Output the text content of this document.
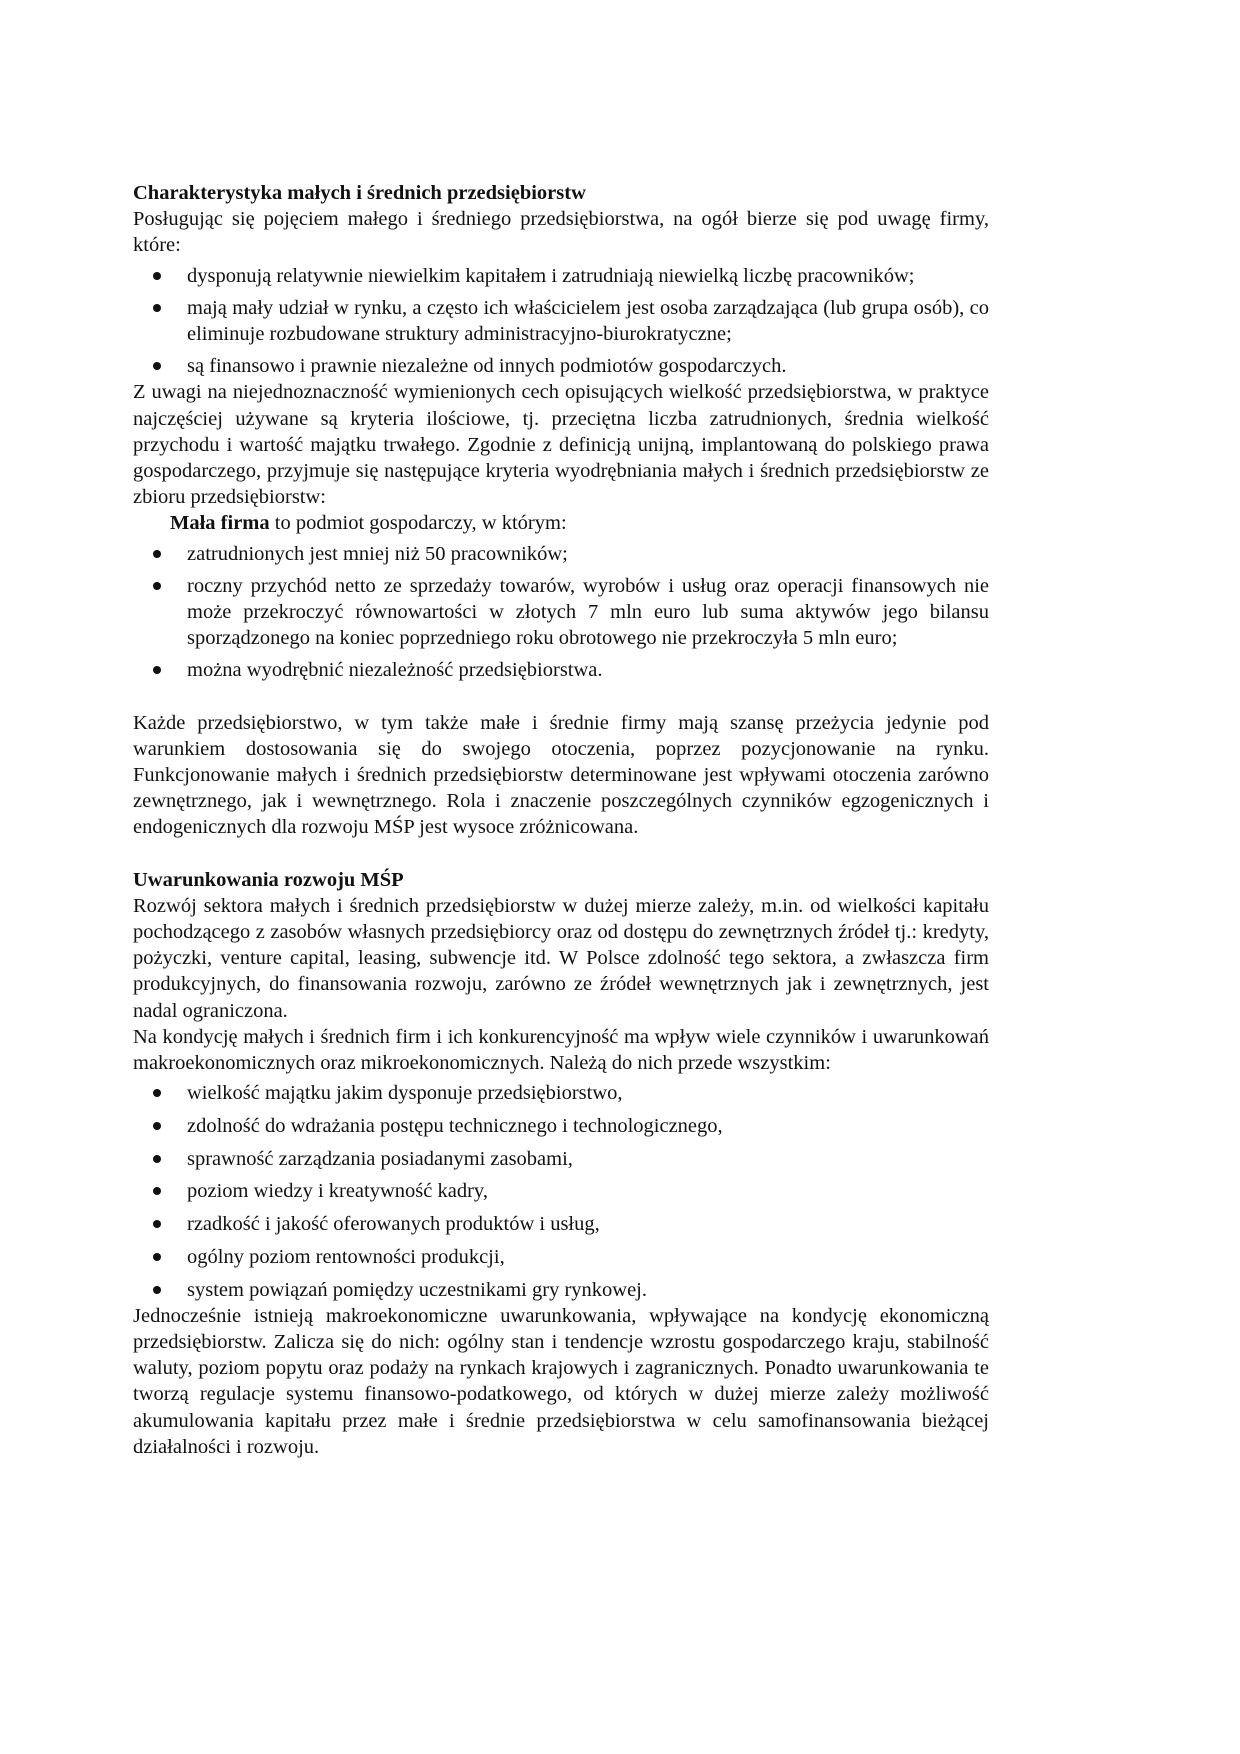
Charakterystyka małych i średnich przedsiębiorstw

Posługując się pojęciem małego i średniego przedsiębiorstwa, na ogół bierze się pod uwagę firmy, które:

dysponują relatywnie niewielkim kapitałem i zatrudniają niewielką liczbę pracowników;
mają mały udział w rynku, a często ich właścicielem jest osoba zarządzająca (lub grupa osób), co eliminuje rozbudowane struktury administracyjno-biurokratyczne;
są finansowo i prawnie niezależne od innych podmiotów gospodarczych.

Z uwagi na niejednoznaczność wymienionych cech opisujących wielkość przedsiębiorstwa, w praktyce najczęściej używane są kryteria ilościowe, tj. przeciętna liczba zatrudnionych, średnia wielkość przychodu i wartość majątku trwałego. Zgodnie z definicją unijną, implantowaną do polskiego prawa gospodarczego, przyjmuje się następujące kryteria wyodrębniania małych i średnich przedsiębiorstw ze zbioru przedsiębiorstw:

Mała firma to podmiot gospodarczy, w którym:

zatrudnionych jest mniej niż 50 pracowników;
roczny przychód netto ze sprzedaży towarów, wyrobów i usług oraz operacji finansowych nie może przekroczyć równowartości w złotych 7 mln euro lub suma aktywów jego bilansu sporządzonego na koniec poprzedniego roku obrotowego nie przekroczyła 5 mln euro;
można wyodrębnić niezależność przedsiębiorstwa.

Każde przedsiębiorstwo, w tym także małe i średnie firmy mają szansę przeżycia jedynie pod warunkiem dostosowania się do swojego otoczenia, poprzez pozycjonowanie na rynku. Funkcjonowanie małych i średnich przedsiębiorstw determinowane jest wpływami otoczenia zarówno zewnętrznego, jak i wewnętrznego. Rola i znaczenie poszczególnych czynników egzogenicznych i endogenicznych dla rozwoju MŚP jest wysoce zróżnicowana.

Uwarunkowania rozwoju MŚP

Rozwój sektora małych i średnich przedsiębiorstw w dużej mierze zależy, m.in. od wielkości kapitału pochodzącego z zasobów własnych przedsiębiorcy oraz od dostępu do zewnętrznych źródeł tj.: kredyty, pożyczki, venture capital, leasing, subwencje itd. W Polsce zdolność tego sektora, a zwłaszcza firm produkcyjnych, do finansowania rozwoju, zarówno ze źródeł wewnętrznych jak i zewnętrznych, jest nadal ograniczona.

Na kondycję małych i średnich firm i ich konkurencyjność ma wpływ wiele czynników i uwarunkowań makroekonomicznych oraz mikroekonomicznych. Należą do nich przede wszystkim:

wielkość majątku jakim dysponuje przedsiębiorstwo,
zdolność do wdrażania postępu technicznego i technologicznego,
sprawność zarządzania posiadanymi zasobami,
poziom wiedzy i kreatywność kadry,
rzadkość i jakość oferowanych produktów i usług,
ogólny poziom rentowności produkcji,
system powiązań pomiędzy uczestnikami gry rynkowej.

Jednocześnie istnieją makroekonomiczne uwarunkowania, wpływające na kondycję ekonomiczną przedsiębiorstw. Zalicza się do nich: ogólny stan i tendencje wzrostu gospodarczego kraju, stabilność waluty, poziom popytu oraz podaży na rynkach krajowych i zagranicznych. Ponadto uwarunkowania te tworzą regulacje systemu finansowo-podatkowego, od których w dużej mierze zależy możliwość akumulowania kapitału przez małe i średnie przedsiębiorstwa w celu samofinansowania bieżącej działalności i rozwoju.
